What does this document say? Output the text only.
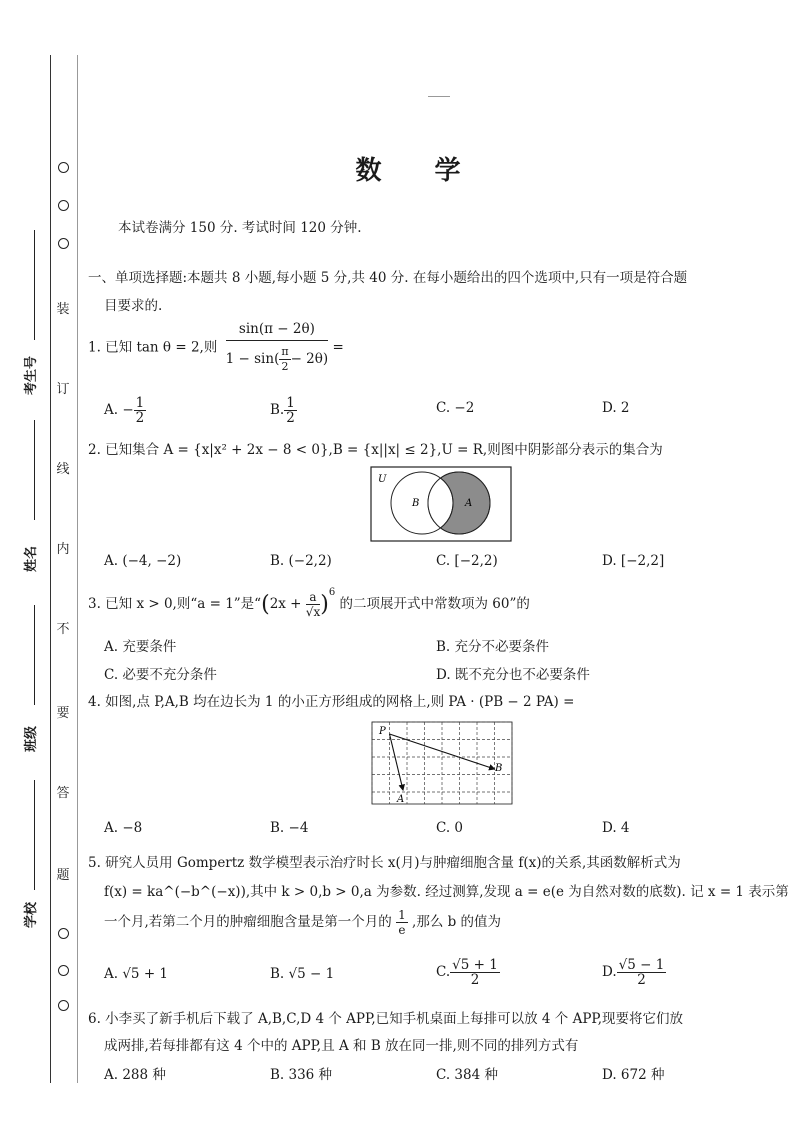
装
订
线
内
不
要
答
题
考生号
姓名
班级
学校
数 学
本试卷满分 150 分. 考试时间 120 分钟.
一、单项选择题:本题共 8 小题,每小题 5 分,共 40 分. 在每小题给出的四个选项中,只有一项是符合题
目要求的.
1. 已知 tan θ = 2,则 $\frac{\sin(\pi - 2\theta)}{1 - \sin( \frac{\pi}{2} - 2\theta)}$ =
A. − $\frac{1}{2}$	B. $\frac{1}{2}$	C. −2	D. 2
2. 已知集合 A = {x|x² + 2x − 8 < 0},B = {x||x| ≤ 2},U = R,则图中阴影部分表示的集合为
U
B	A
A. (−4, −2)	B. (−2,2)	C. [−2,2)	D. [−2,2]
3. 已知 x > 0,则“a = 1”是“$(2x + \frac{a}{√x} )^6$ 的二项展开式中常数项为 60”的
A. 充要条件	B. 充分不必要条件
C. 必要不充分条件	D. 既不充分也不必要条件
4. 如图,点 P,A,B 均在边长为 1 的小正方形组成的网格上,则 PA · (PB − 2 PA) =
P
B
A
A. −8	B. −4	C. 0	D. 4
5. 研究人员用 Gompertz 数学模型表示治疗时长 x(月)与肿瘤细胞含量 f(x)的关系,其函数解析式为
f(x) = ka^(−b^(−x)),其中 k > 0,b > 0,a 为参数. 经过测算,发现 a = e(e 为自然对数的底数). 记 x = 1 表示第
一个月,若第二个月的肿瘤细胞含量是第一个月的 $\frac{1}{e}$ ,那么 b 的值为
A. √5 + 1	B. √5 − 1	C. $\frac{√5 + 1}{2}$	D. $\frac{√5 - 1}{2}$
6. 小李买了新手机后下载了 A,B,C,D 4 个 APP,已知手机桌面上每排可以放 4 个 APP,现要将它们放
成两排,若每排都有这 4 个中的 APP,且 A 和 B 放在同一排,则不同的排列方式有
A. 288 种	B. 336 种	C. 384 种	D. 672 种
